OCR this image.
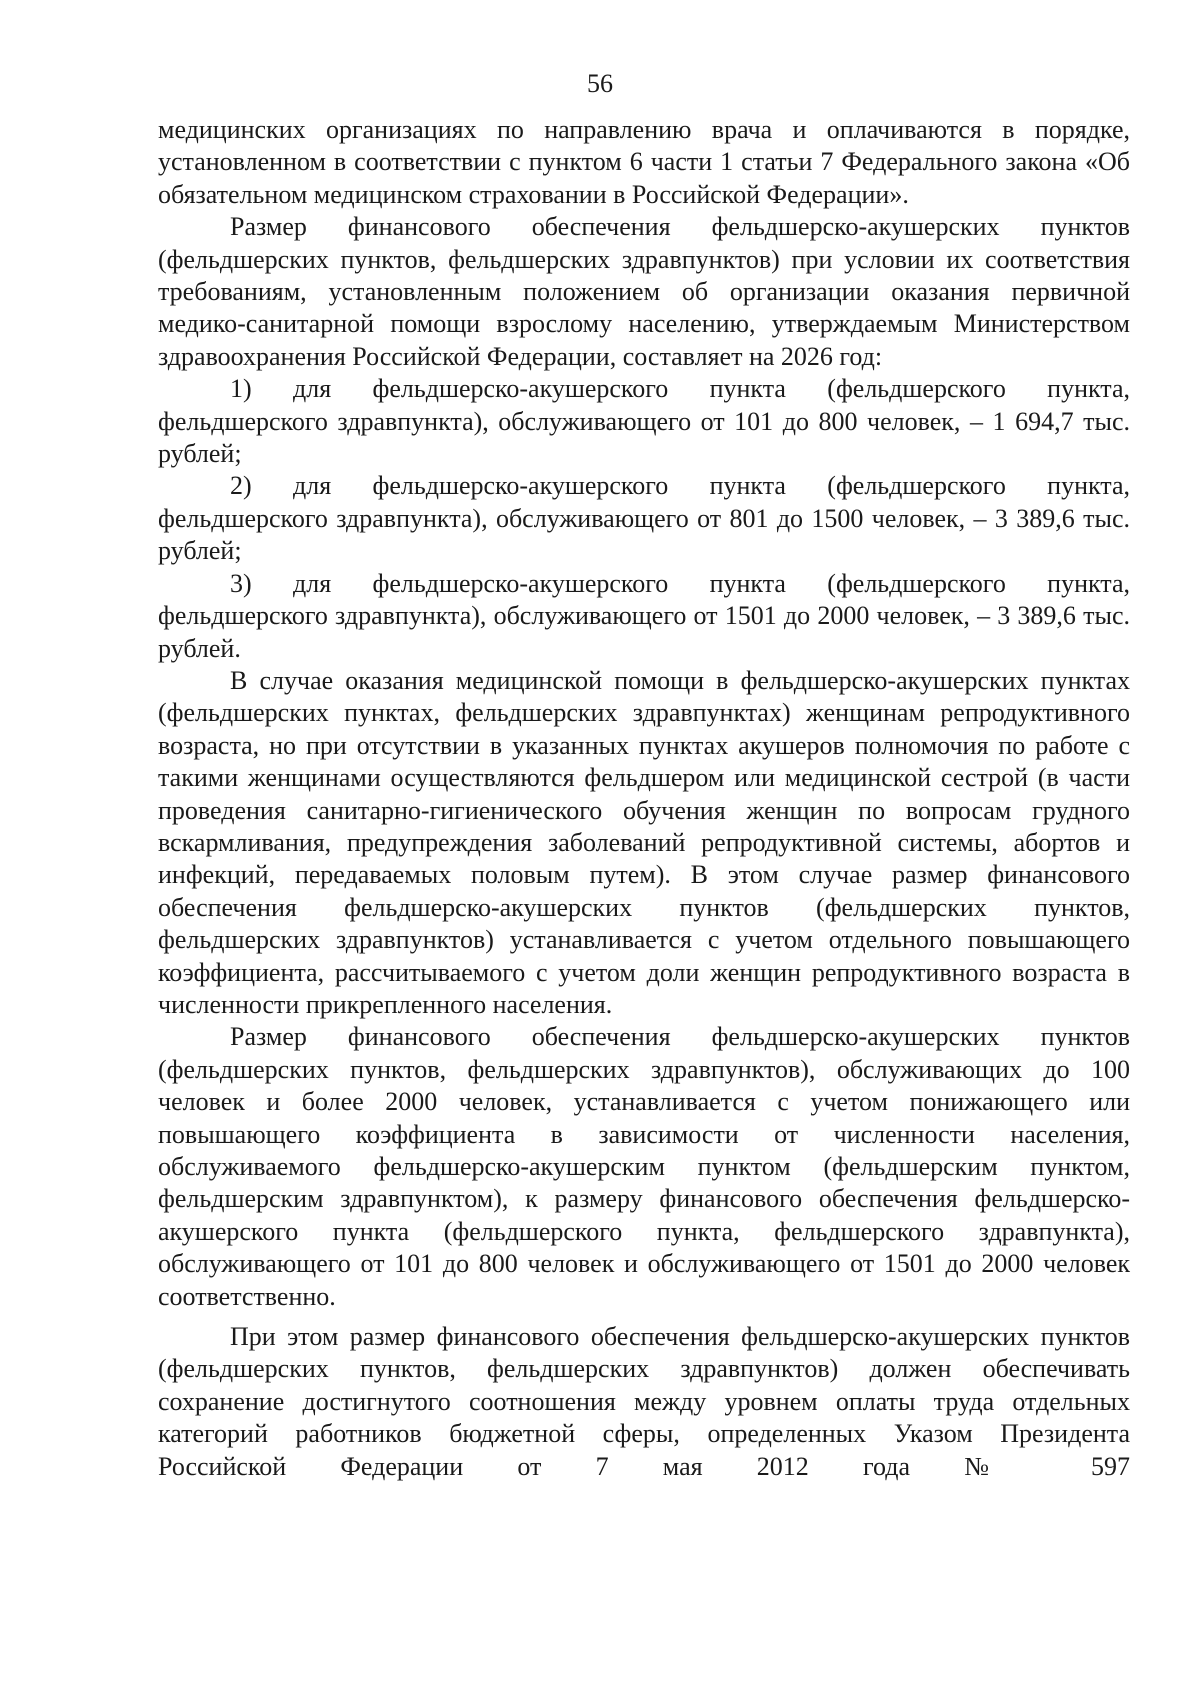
56

медицинских организациях по направлению врача и оплачиваются в порядке, установленном в соответствии с пунктом 6 части 1 статьи 7 Федерального закона «Об обязательном медицинском страховании в Российской Федерации».

Размер финансового обеспечения фельдшерско-акушерских пунктов (фельдшерских пунктов, фельдшерских здравпунктов) при условии их соответствия требованиям, установленным положением об организации оказания первичной медико-санитарной помощи взрослому населению, утверждаемым Министерством здравоохранения Российской Федерации, составляет на 2026 год:

1) для фельдшерско-акушерского пункта (фельдшерского пункта, фельдшерского здравпункта), обслуживающего от 101 до 800 человек, – 1 694,7 тыс. рублей;

2) для фельдшерско-акушерского пункта (фельдшерского пункта, фельдшерского здравпункта), обслуживающего от 801 до 1500 человек, – 3 389,6 тыс. рублей;

3) для фельдшерско-акушерского пункта (фельдшерского пункта, фельдшерского здравпункта), обслуживающего от 1501 до 2000 человек, – 3 389,6 тыс. рублей.

В случае оказания медицинской помощи в фельдшерско-акушерских пунктах (фельдшерских пунктах, фельдшерских здравпунктах) женщинам репродуктивного возраста, но при отсутствии в указанных пунктах акушеров полномочия по работе с такими женщинами осуществляются фельдшером или медицинской сестрой (в части проведения санитарно-гигиенического обучения женщин по вопросам грудного вскармливания, предупреждения заболеваний репродуктивной системы, абортов и инфекций, передаваемых половым путем). В этом случае размер финансового обеспечения фельдшерско-акушерских пунктов (фельдшерских пунктов, фельдшерских здравпунктов) устанавливается с учетом отдельного повышающего коэффициента, рассчитываемого с учетом доли женщин репродуктивного возраста в численности прикрепленного населения.

Размер финансового обеспечения фельдшерско-акушерских пунктов (фельдшерских пунктов, фельдшерских здравпунктов), обслуживающих до 100 человек и более 2000 человек, устанавливается с учетом понижающего или повышающего коэффициента в зависимости от численности населения, обслуживаемого фельдшерско-акушерским пунктом (фельдшерским пунктом, фельдшерским здравпунктом), к размеру финансового обеспечения фельдшерско-акушерского пункта (фельдшерского пункта, фельдшерского здравпункта), обслуживающего от 101 до 800 человек и обслуживающего от 1501 до 2000 человек соответственно.

При этом размер финансового обеспечения фельдшерско-акушерских пунктов (фельдшерских пунктов, фельдшерских здравпунктов) должен обеспечивать сохранение достигнутого соотношения между уровнем оплаты труда отдельных категорий работников бюджетной сферы, определенных Указом Президента Российской Федерации от 7 мая 2012 года № 597
